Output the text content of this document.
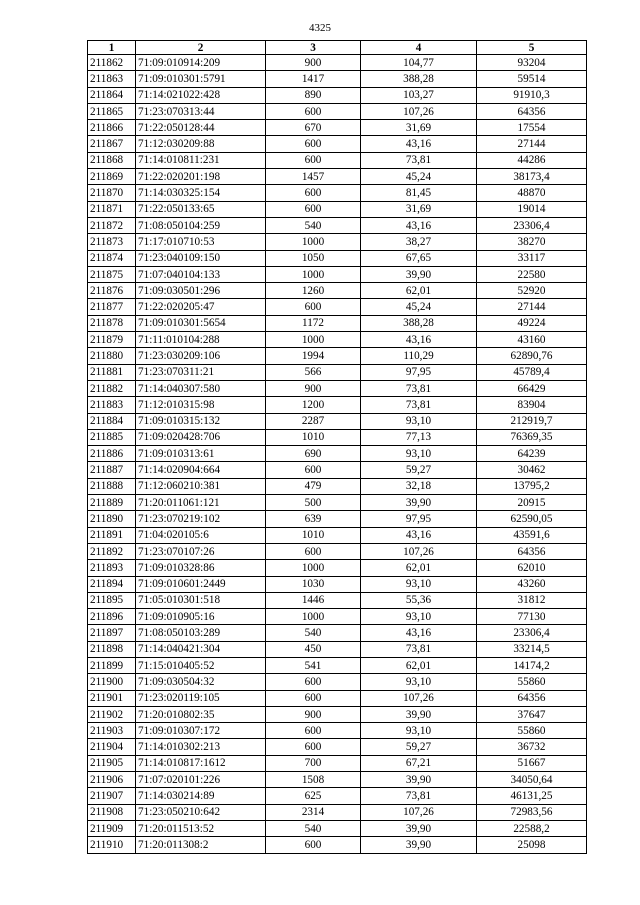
4325
1	2	3	4	5
211862	71:09:010914:209	900	104,77	93204
211863	71:09:010301:5791	1417	388,28	59514
211864	71:14:021022:428	890	103,27	91910,3
211865	71:23:070313:44	600	107,26	64356
211866	71:22:050128:44	670	31,69	17554
211867	71:12:030209:88	600	43,16	27144
211868	71:14:010811:231	600	73,81	44286
211869	71:22:020201:198	1457	45,24	38173,4
211870	71:14:030325:154	600	81,45	48870
211871	71:22:050133:65	600	31,69	19014
211872	71:08:050104:259	540	43,16	23306,4
211873	71:17:010710:53	1000	38,27	38270
211874	71:23:040109:150	1050	67,65	33117
211875	71:07:040104:133	1000	39,90	22580
211876	71:09:030501:296	1260	62,01	52920
211877	71:22:020205:47	600	45,24	27144
211878	71:09:010301:5654	1172	388,28	49224
211879	71:11:010104:288	1000	43,16	43160
211880	71:23:030209:106	1994	110,29	62890,76
211881	71:23:070311:21	566	97,95	45789,4
211882	71:14:040307:580	900	73,81	66429
211883	71:12:010315:98	1200	73,81	83904
211884	71:09:010315:132	2287	93,10	212919,7
211885	71:09:020428:706	1010	77,13	76369,35
211886	71:09:010313:61	690	93,10	64239
211887	71:14:020904:664	600	59,27	30462
211888	71:12:060210:381	479	32,18	13795,2
211889	71:20:011061:121	500	39,90	20915
211890	71:23:070219:102	639	97,95	62590,05
211891	71:04:020105:6	1010	43,16	43591,6
211892	71:23:070107:26	600	107,26	64356
211893	71:09:010328:86	1000	62,01	62010
211894	71:09:010601:2449	1030	93,10	43260
211895	71:05:010301:518	1446	55,36	31812
211896	71:09:010905:16	1000	93,10	77130
211897	71:08:050103:289	540	43,16	23306,4
211898	71:14:040421:304	450	73,81	33214,5
211899	71:15:010405:52	541	62,01	14174,2
211900	71:09:030504:32	600	93,10	55860
211901	71:23:020119:105	600	107,26	64356
211902	71:20:010802:35	900	39,90	37647
211903	71:09:010307:172	600	93,10	55860
211904	71:14:010302:213	600	59,27	36732
211905	71:14:010817:1612	700	67,21	51667
211906	71:07:020101:226	1508	39,90	34050,64
211907	71:14:030214:89	625	73,81	46131,25
211908	71:23:050210:642	2314	107,26	72983,56
211909	71:20:011513:52	540	39,90	22588,2
211910	71:20:011308:2	600	39,90	25098
